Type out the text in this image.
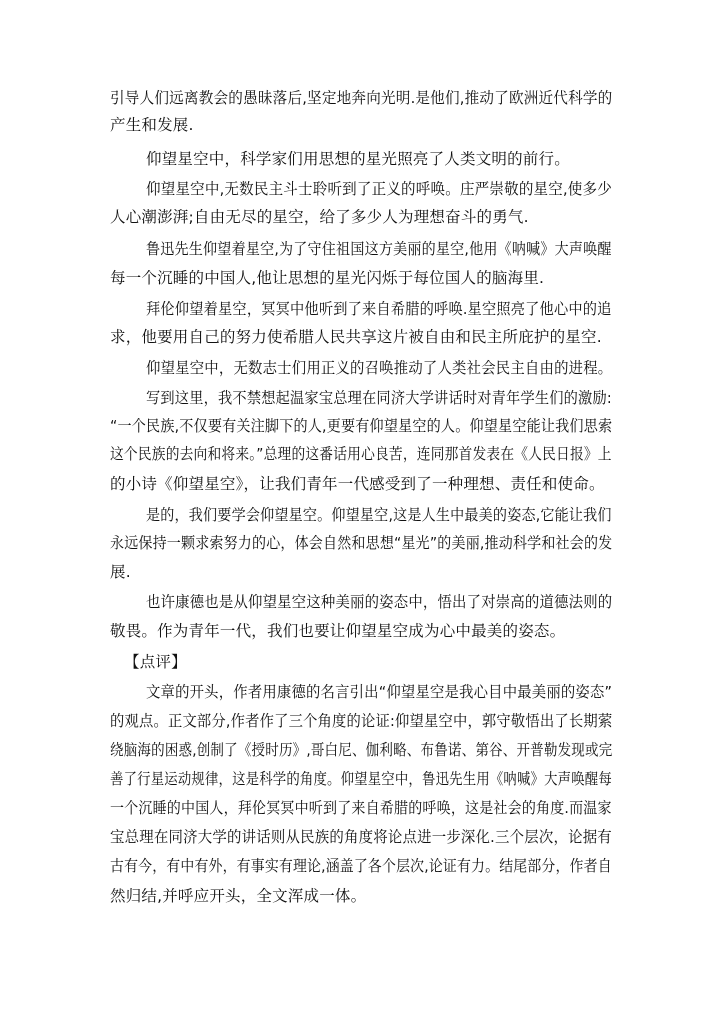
引导人们远离教会的愚昧落后,坚定地奔向光明.是他们,推动了欧洲近代科学的
产生和发展.
仰望星空中，科学家们用思想的星光照亮了人类文明的前行。
仰望星空中,无数民主斗士聆听到了正义的呼唤。庄严崇敬的星空,使多少
人心潮澎湃;自由无尽的星空，给了多少人为理想奋斗的勇气.
鲁迅先生仰望着星空,为了守住祖国这方美丽的星空,他用《呐喊》大声唤醒
每一个沉睡的中国人,他让思想的星光闪烁于每位国人的脑海里.
拜伦仰望着星空，冥冥中他听到了来自希腊的呼唤.星空照亮了他心中的追
求，他要用自己的努力使希腊人民共享这片被自由和民主所庇护的星空.
仰望星空中，无数志士们用正义的召唤推动了人类社会民主自由的进程。
写到这里，我不禁想起温家宝总理在同济大学讲话时对青年学生们的激励:
“一个民族,不仅要有关注脚下的人,更要有仰望星空的人。仰望星空能让我们思索
这个民族的去向和将来。”总理的这番话用心良苦，连同那首发表在《人民日报》上
的小诗《仰望星空》，让我们青年一代感受到了一种理想、责任和使命。
是的，我们要学会仰望星空。仰望星空,这是人生中最美的姿态,它能让我们
永远保持一颗求索努力的心，体会自然和思想“星光”的美丽,推动科学和社会的发
展.
也许康德也是从仰望星空这种美丽的姿态中，悟出了对崇高的道德法则的
敬畏。作为青年一代，我们也要让仰望星空成为心中最美的姿态。
【点评】
文章的开头，作者用康德的名言引出“仰望星空是我心目中最美丽的姿态”
的观点。正文部分,作者作了三个角度的论证:仰望星空中，郭守敬悟出了长期萦
绕脑海的困惑,创制了《授时历》,哥白尼、伽利略、布鲁诺、第谷、开普勒发现或完
善了行星运动规律，这是科学的角度。仰望星空中，鲁迅先生用《呐喊》大声唤醒每
一个沉睡的中国人，拜伦冥冥中听到了来自希腊的呼唤，这是社会的角度.而温家
宝总理在同济大学的讲话则从民族的角度将论点进一步深化.三个层次，论据有
古有今，有中有外，有事实有理论,涵盖了各个层次,论证有力。结尾部分，作者自
然归结,并呼应开头，全文浑成一体。
